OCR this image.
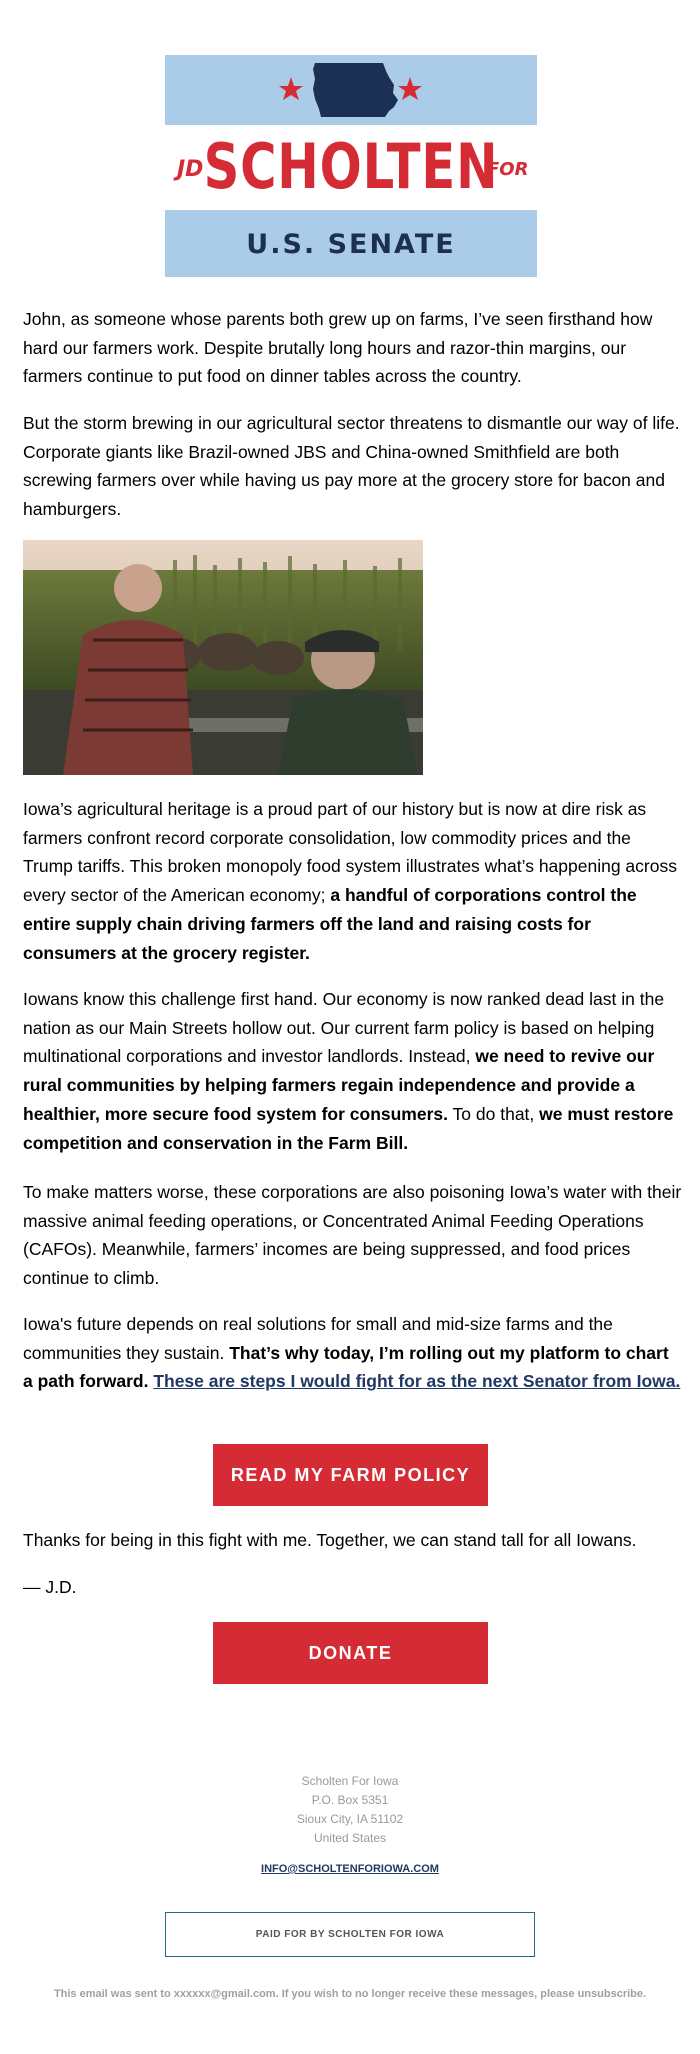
JD SCHOLTEN
FOR
U.S. SENATE

John, as someone whose parents both grew up on farms, I’ve seen firsthand how hard our farmers work. Despite brutally long hours and razor-thin margins, our farmers continue to put food on dinner tables across the country.

But the storm brewing in our agricultural sector threatens to dismantle our way of life. Corporate giants like Brazil-owned JBS and China-owned Smithfield are both screwing farmers over while having us pay more at the grocery store for bacon and hamburgers.

Iowa’s agricultural heritage is a proud part of our history but is now at dire risk as farmers confront record corporate consolidation, low commodity prices and the Trump tariffs. This broken monopoly food system illustrates what’s happening across every sector of the American economy; a handful of corporations control the entire supply chain driving farmers off the land and raising costs for consumers at the grocery register.

Iowans know this challenge first hand. Our economy is now ranked dead last in the nation as our Main Streets hollow out. Our current farm policy is based on helping multinational corporations and investor landlords. Instead, we need to revive our rural communities by helping farmers regain independence and provide a healthier, more secure food system for consumers. To do that, we must restore competition and conservation in the Farm Bill.

To make matters worse, these corporations are also poisoning Iowa’s water with their massive animal feeding operations, or Concentrated Animal Feeding Operations (CAFOs). Meanwhile, farmers’ incomes are being suppressed, and food prices continue to climb.

Iowa's future depends on real solutions for small and mid-size farms and the communities they sustain. That’s why today, I’m rolling out my platform to chart a path forward. These are steps I would fight for as the next Senator from Iowa.

READ MY FARM POLICY

Thanks for being in this fight with me. Together, we can stand tall for all Iowans.

— J.D.

DONATE
Scholten For Iowa
P.O. Box 5351
Sioux City, IA 51102
United States
INFO@SCHOLTENFORIOWA.COM
PAID FOR BY SCHOLTEN FOR IOWA
This email was sent to xxxxxx@gmail.com. If you wish to no longer receive these messages, please unsubscribe.
